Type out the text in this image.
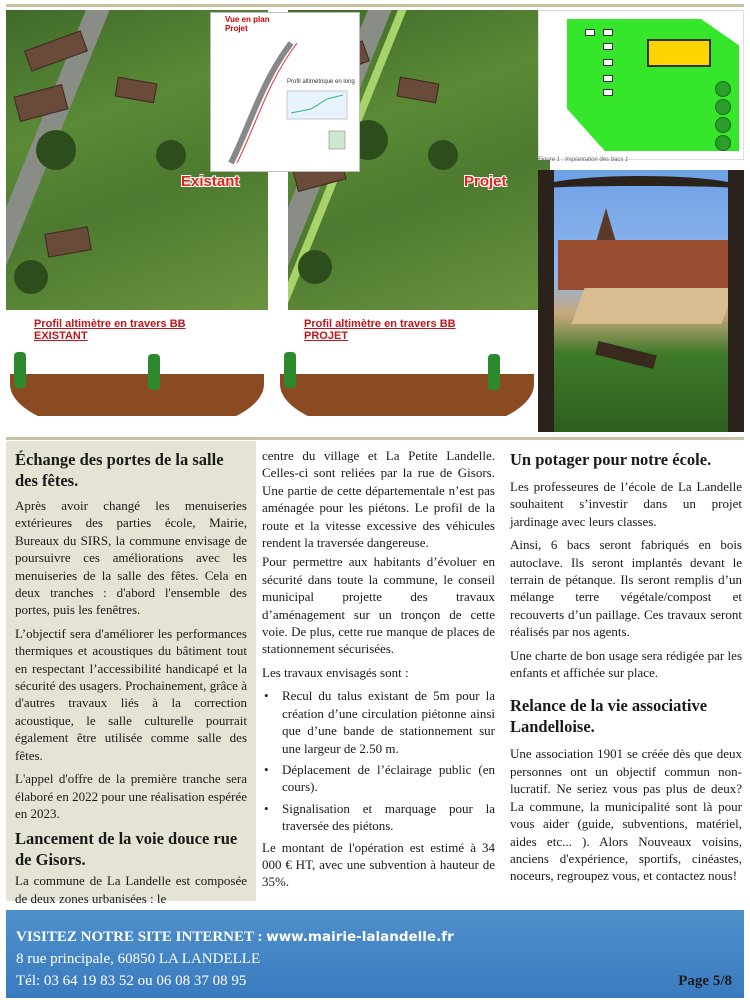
Existant	Projet
Vue en plan
Projet
Profil altimétrique en long
Profil altimètre en travers BB
EXISTANT
Profil altimètre en travers BB
PROJET
Figure 1 : Implantation des bacs 1
Échange des portes de la salle des fêtes.

Après avoir changé les menuiseries extérieures des parties école, Mairie, Bureaux du SIRS, la commune envisage de poursuivre ces améliorations avec les menuiseries de la salle des fêtes. Cela en deux tranches : d'abord l'ensemble des portes, puis les fenêtres.

L’objectif sera d'améliorer les performances thermiques et acoustiques du bâtiment tout en respectant l’accessibilité handicapé et la sécurité des usagers. Prochainement, grâce à d'autres travaux liés à la correction acoustique, le salle culturelle pourrait également être utilisée comme salle des fêtes.

L'appel d'offre de la première tranche sera élaboré en 2022 pour une réalisation espérée en 2023.

Lancement de la voie douce rue de Gisors.

La commune de La Landelle est composée de deux zones urbanisées : le

centre du village et La Petite Landelle. Celles-ci sont reliées par la rue de Gisors. Une partie de cette départementale n’est pas aménagée pour les piétons. Le profil de la route et la vitesse excessive des véhicules rendent la traversée dangereuse.

Pour permettre aux habitants d’évoluer en sécurité dans toute la commune, le conseil municipal projette des travaux d’aménagement sur un tronçon de cette voie. De plus, cette rue manque de places de stationnement sécurisées.

Les travaux envisagés sont :

• Recul du talus existant de 5m pour la création d’une circulation piétonne ainsi que d’une bande de stationnement sur une largeur de 2.50 m.
• Déplacement de l’éclairage public (en cours).
• Signalisation et marquage pour la traversée des piétons.

Le montant de l'opération est estimé à 34 000 € HT, avec une subvention à hauteur de 35%.

Un potager pour notre école.

Les professeures de l’école de La Landelle souhaitent s’investir dans un projet jardinage avec leurs classes.

Ainsi, 6 bacs seront fabriqués en bois autoclave. Ils seront implantés devant le terrain de pétanque. Ils seront remplis d’un mélange terre végétale/compost et recouverts d’un paillage. Ces travaux seront réalisés par nos agents.

Une charte de bon usage sera rédigée par les enfants et affichée sur place.

Relance de la vie associative Landelloise.

Une association 1901 se créée dès que deux personnes ont un objectif commun non-lucratif. Ne seriez vous pas plus de deux? La commune, la municipalité sont là pour vous aider (guide, subventions, matériel, aides etc... ). Alors Nouveaux voisins, anciens d'expérience, sportifs, cinéastes, noceurs, regroupez vous, et contactez nous!

VISITEZ NOTRE SITE INTERNET : www.mairie-lalandelle.fr
8 rue principale, 60850 LA LANDELLE
Tél: 03 64 19 83 52 ou 06 08 37 08 95	Page 5/8
